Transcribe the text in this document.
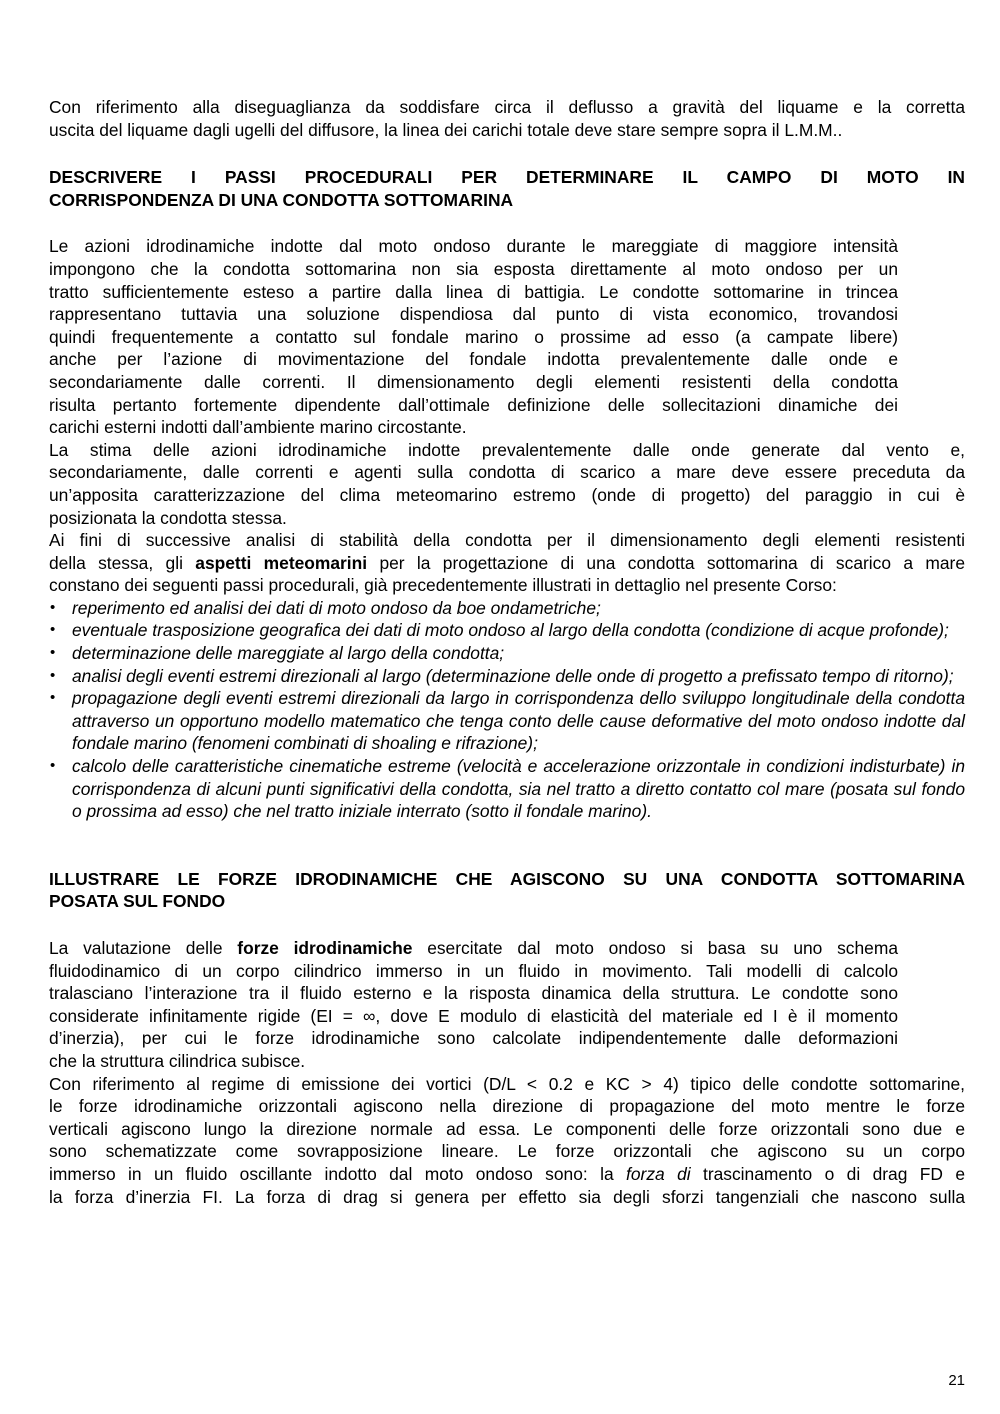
Con riferimento alla diseguaglianza da soddisfare circa il deflusso a gravità del liquame e la corretta

uscita del liquame dagli ugelli del diffusore, la linea dei carichi totale deve stare sempre sopra il L.M.M..

DESCRIVERE I PASSI PROCEDURALI PER DETERMINARE IL CAMPO DI MOTO IN

CORRISPONDENZA DI UNA CONDOTTA SOTTOMARINA

Le azioni idrodinamiche indotte dal moto ondoso durante le mareggiate di maggiore intensità

impongono che la condotta sottomarina non sia esposta direttamente al moto ondoso per un

tratto sufficientemente esteso a partire dalla linea di battigia. Le condotte sottomarine in trincea

rappresentano tuttavia una soluzione dispendiosa dal punto di vista economico, trovandosi

quindi frequentemente a contatto sul fondale marino o prossime ad esso (a campate libere)

anche per l’azione di movimentazione del fondale indotta prevalentemente dalle onde e

secondariamente dalle correnti. Il dimensionamento degli elementi resistenti della condotta

risulta pertanto fortemente dipendente dall’ottimale definizione delle sollecitazioni dinamiche dei

carichi esterni indotti dall’ambiente marino circostante.

La stima delle azioni idrodinamiche indotte prevalentemente dalle onde generate dal vento e,

secondariamente, dalle correnti e agenti sulla condotta di scarico a mare deve essere preceduta da

un’apposita caratterizzazione del clima meteomarino estremo (onde di progetto) del paraggio in cui è

posizionata la condotta stessa.

Ai fini di successive analisi di stabilità della condotta per il dimensionamento degli elementi resistenti

della stessa, gli aspetti meteomarini per la progettazione di una condotta sottomarina di scarico a mare

constano dei seguenti passi procedurali, già precedentemente illustrati in dettaglio nel presente Corso:

• reperimento ed analisi dei dati di moto ondoso da boe ondametriche;
• eventuale trasposizione geografica dei dati di moto ondoso al largo della condotta (condizione di acque profonde);
• determinazione delle mareggiate al largo della condotta;
• analisi degli eventi estremi direzionali al largo (determinazione delle onde di progetto a prefissato tempo di ritorno);
• propagazione degli eventi estremi direzionali da largo in corrispondenza dello sviluppo longitudinale della condotta attraverso un opportuno modello matematico che tenga conto delle cause deformative del moto ondoso indotte dal fondale marino (fenomeni combinati di shoaling e rifrazione);
• calcolo delle caratteristiche cinematiche estreme (velocità e accelerazione orizzontale in condizioni indisturbate) in corrispondenza di alcuni punti significativi della condotta, sia nel tratto a diretto contatto col mare (posata sul fondo o prossima ad esso) che nel tratto iniziale interrato (sotto il fondale marino).

ILLUSTRARE LE FORZE IDRODINAMICHE CHE AGISCONO SU UNA CONDOTTA SOTTOMARINA

POSATA SUL FONDO

La valutazione delle forze idrodinamiche esercitate dal moto ondoso si basa su uno schema

fluidodinamico di un corpo cilindrico immerso in un fluido in movimento. Tali modelli di calcolo

tralasciano l’interazione tra il fluido esterno e la risposta dinamica della struttura. Le condotte sono

considerate infinitamente rigide (EI = ∞, dove E modulo di elasticità del materiale ed I è il momento

d’inerzia), per cui le forze idrodinamiche sono calcolate indipendentemente dalle deformazioni

che la struttura cilindrica subisce.

Con riferimento al regime di emissione dei vortici (D/L < 0.2 e KC > 4) tipico delle condotte sottomarine,

le forze idrodinamiche orizzontali agiscono nella direzione di propagazione del moto mentre le forze

verticali agiscono lungo la direzione normale ad essa. Le componenti delle forze orizzontali sono due e

sono schematizzate come sovrapposizione lineare. Le forze orizzontali che agiscono su un corpo

immerso in un fluido oscillante indotto dal moto ondoso sono: la forza di trascinamento o di drag FD e

la forza d’inerzia FI. La forza di drag si genera per effetto sia degli sforzi tangenziali che nascono sulla

21
